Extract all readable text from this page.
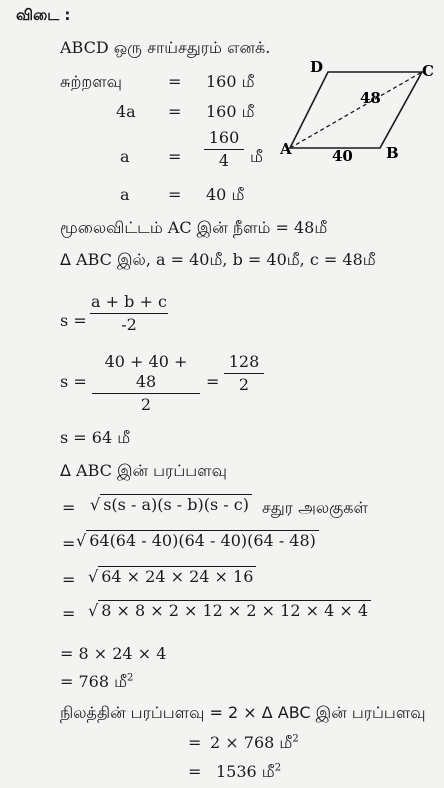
விடை :
ABCD ஒரு சாய்சதுரம் எனக்.
சுற்றளவு	= 160 மீ
4a = 160 மீ
a =
160
4	மீ
a = 40 மீ
D	C
A	B
48
40
மூலைவிட்டம் AC இன் நீளம் = 48மீ
Δ ABC இல், a = 40மீ, b = 40மீ, c = 48மீ
s =
a + b + c
-2
s =
40 + 40 + 48
2
=
128
2
s = 64 மீ
Δ ABC இன் பரப்பளவு
= √ s(s - a)(s - b)(s - c) சதுர அலகுகள்
= √ 64(64 - 40)(64 - 40)(64 - 48)
= √ 64 × 24 × 24 × 16
= √ 8 × 8 × 2 × 12 × 2 × 12 × 4 × 4
= 8 × 24 × 4
= 768 மீ$^2$
நிலத்தின் பரப்பளவு = 2 × Δ ABC இன் பரப்பளவு
= 2 × 768 மீ$^2$
= 1536 மீ$^2$
